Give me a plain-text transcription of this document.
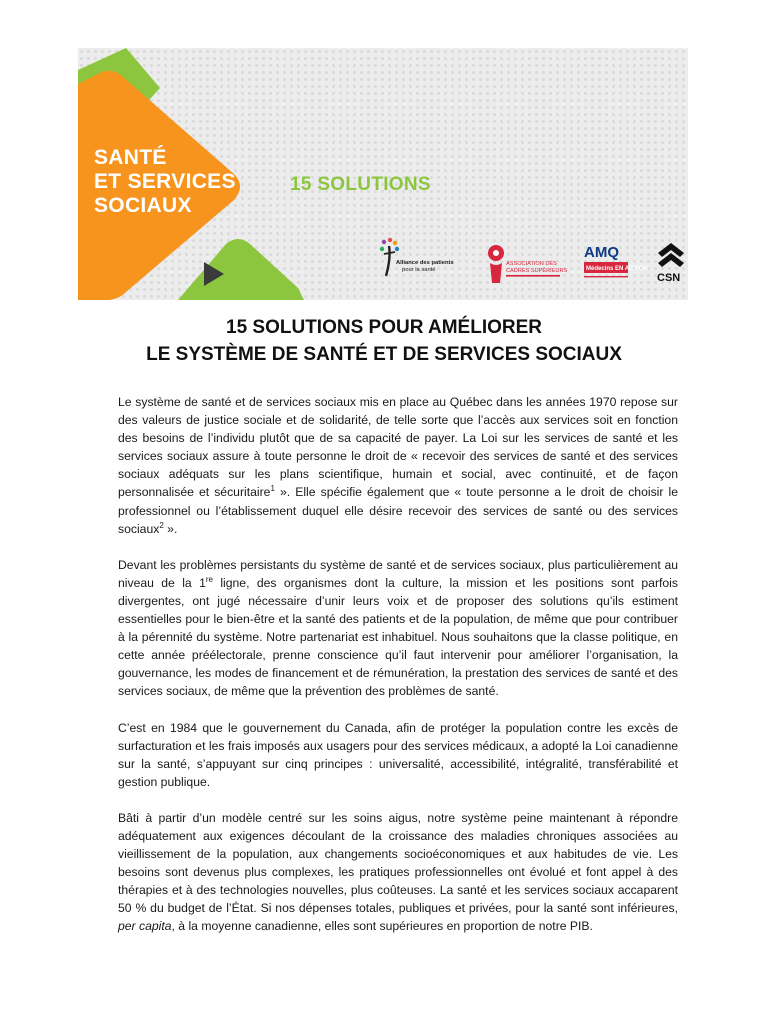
SANTÉ
ET SERVICES
SOCIAUX
15 SOLUTIONS
Alliance des patients
pour la santé
ASSOCIATION DES
CADRES SUPÉRIEURS
AMQ
Médecins EN ACTION
CSN
15 SOLUTIONS POUR AMÉLIORER
LE SYSTÈME DE SANTÉ ET DE SERVICES SOCIAUX

Le système de santé et de services sociaux mis en place au Québec dans les années 1970 repose sur des valeurs de justice sociale et de solidarité, de telle sorte que l’accès aux services soit en fonction des besoins de l’individu plutôt que de sa capacité de payer. La Loi sur les services de santé et les services sociaux assure à toute personne le droit de « recevoir des services de santé et des services sociaux adéquats sur les plans scientifique, humain et social, avec continuité, et de façon personnalisée et sécuritaire$^1$ ». Elle spécifie également que « toute personne a le droit de choisir le professionnel ou l’établissement duquel elle désire recevoir des services de santé ou des services sociaux$^2$ ».

Devant les problèmes persistants du système de santé et de services sociaux, plus particulièrement au niveau de la 1re ligne, des organismes dont la culture, la mission et les positions sont parfois divergentes, ont jugé nécessaire d’unir leurs voix et de proposer des solutions qu’ils estiment essentielles pour le bien-être et la santé des patients et de la population, de même que pour contribuer à la pérennité du système. Notre partenariat est inhabituel. Nous souhaitons que la classe politique, en cette année préélectorale, prenne conscience qu’il faut intervenir pour améliorer l’organisation, la gouvernance, les modes de financement et de rémunération, la prestation des services de santé et des services sociaux, de même que la prévention des problèmes de santé.

C’est en 1984 que le gouvernement du Canada, afin de protéger la population contre les excès de surfacturation et les frais imposés aux usagers pour des services médicaux, a adopté la Loi canadienne sur la santé, s’appuyant sur cinq principes : universalité, accessibilité, intégralité, transférabilité et gestion publique.

Bâti à partir d’un modèle centré sur les soins aigus, notre système peine maintenant à répondre adéquatement aux exigences découlant de la croissance des maladies chroniques associées au vieillissement de la population, aux changements socioéconomiques et aux habitudes de vie. Les besoins sont devenus plus complexes, les pratiques professionnelles ont évolué et font appel à des thérapies et à des technologies nouvelles, plus coûteuses. La santé et les services sociaux accaparent 50 % du budget de l’État. Si nos dépenses totales, publiques et privées, pour la santé sont inférieures, per capita, à la moyenne canadienne, elles sont supérieures en proportion de notre PIB.
